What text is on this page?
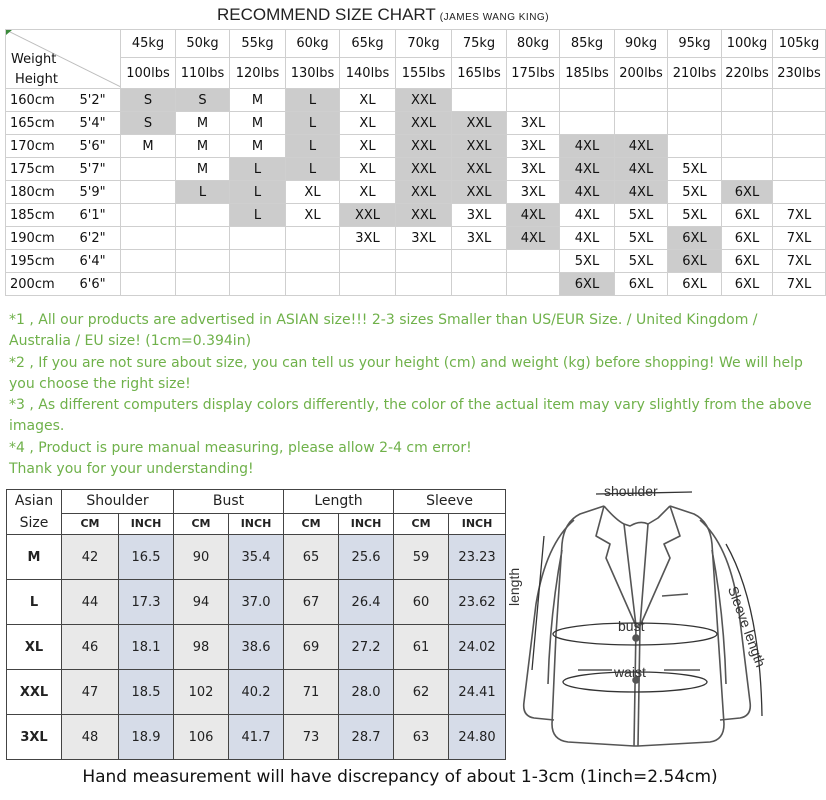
RECOMMEND SIZE CHART (JAMES WANG KING)
Weight
Height		45kg	50kg	55kg	60kg	65kg	70kg	75kg	80kg	85kg	90kg	95kg	100kg	105kg
		100lbs	110lbs	120lbs	130lbs	140lbs	155lbs	165lbs	175lbs	185lbs	200lbs	210lbs	220lbs	230lbs
160cm	5'2"	S	S	M	L	XL	XXL							
165cm	5'4"	S	M	M	L	XL	XXL	XXL	3XL					
170cm	5'6"	M	M	M	L	XL	XXL	XXL	3XL	4XL	4XL			
175cm	5'7"		M	L	L	XL	XXL	XXL	3XL	4XL	4XL	5XL		
180cm	5'9"		L	L	XL	XL	XXL	XXL	3XL	4XL	4XL	5XL	6XL	
185cm	6'1"			L	XL	XXL	XXL	3XL	4XL	4XL	5XL	5XL	6XL	7XL
190cm	6'2"					3XL	3XL	3XL	4XL	4XL	5XL	6XL	6XL	7XL
195cm	6'4"									5XL	5XL	6XL	6XL	7XL
200cm	6'6"									6XL	6XL	6XL	6XL	7XL
*1 , All our products are advertised in ASIAN size!!! 2-3 sizes Smaller than US/EUR Size. / United Kingdom / Australia / EU size! (1cm=0.394in)
*2 , If you are not sure about size, you can tell us your height (cm) and weight (kg) before shopping! We will help you choose the right size!
*3 , As different computers display colors differently, the color of the actual item may vary slightly from the above images.
*4 , Product is pure manual measuring, please allow 2-4 cm error!
Thank you for your understanding!
Asian
Size	Shoulder		Bust		Length		Sleeve	
	CM	INCH	CM	INCH	CM	INCH	CM	INCH
M	42	16.5	90	35.4	65	25.6	59	23.23
L	44	17.3	94	37.0	67	26.4	60	23.62
XL	46	18.1	98	38.6	69	27.2	61	24.02
XXL	47	18.5	102	40.2	71	28.0	62	24.41
3XL	48	18.9	106	41.7	73	28.7	63	24.80
shoulder
length
bust
waist
Sleeve length
Hand measurement will have discrepancy of about 1-3cm (1inch=2.54cm)
